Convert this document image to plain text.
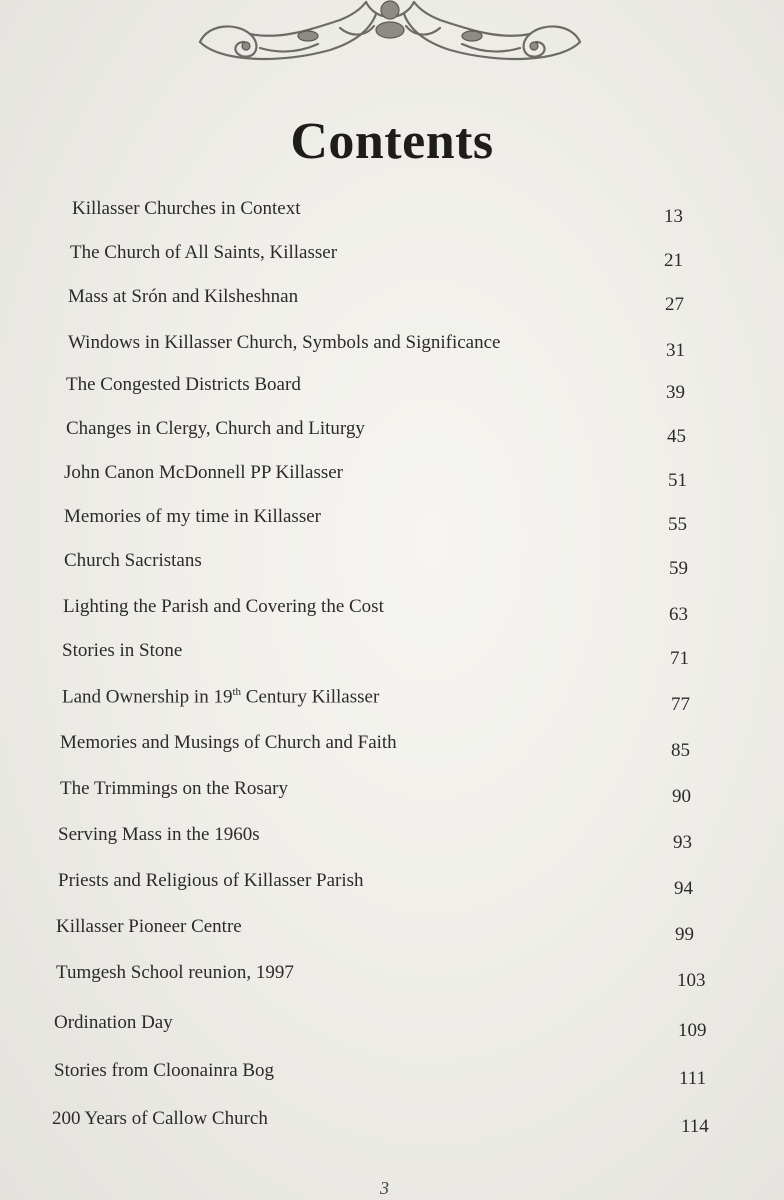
Contents
Killasser Churches in Context	13
The Church of All Saints, Killasser	21
Mass at Srón and Kilsheshnan	27
Windows in Killasser Church, Symbols and Significance	31
The Congested Districts Board	39
Changes in Clergy, Church and Liturgy	45
John Canon McDonnell PP Killasser	51
Memories of my time in Killasser	55
Church Sacristans	59
Lighting the Parish and Covering the Cost	63
Stories in Stone	71
Land Ownership in 19th Century Killasser	77
Memories and Musings of Church and Faith	85
The Trimmings on the Rosary	90
Serving Mass in the 1960s	93
Priests and Religious of Killasser Parish	94
Killasser Pioneer Centre	99
Tumgesh School reunion, 1997	103
Ordination Day	109
Stories from Cloonainra Bog	111
200 Years of Callow Church	114
3
